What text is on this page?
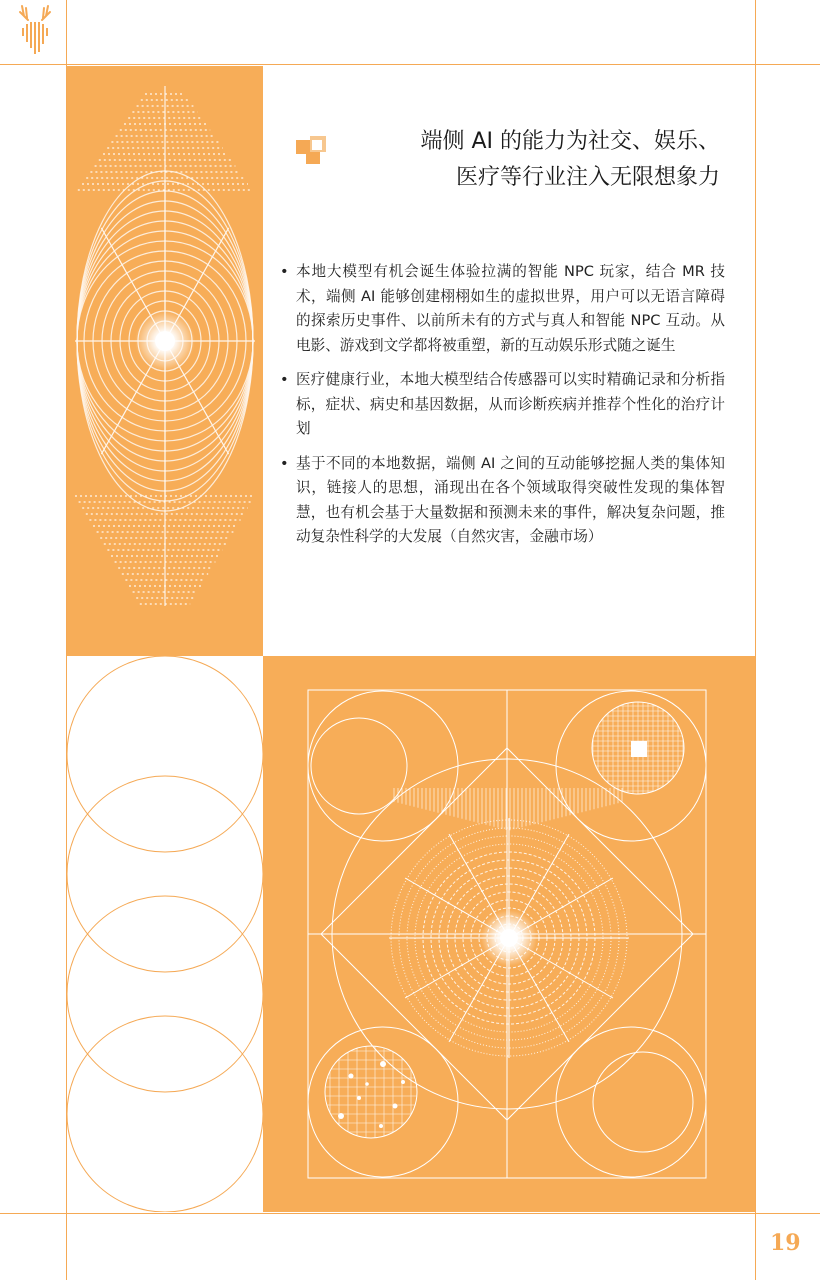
端侧 AI 的能力为社交、娱乐、
医疗等行业注入无限想象力
• 本地大模型有机会诞生体验拉满的智能 NPC 玩家，结合 MR 技术，端侧 AI 能够创建栩栩如生的虚拟世界，用户可以无语言障碍的探索历史事件、以前所未有的方式与真人和智能 NPC 互动。从电影、游戏到文学都将被重塑，新的互动娱乐形式随之诞生
• 医疗健康行业，本地大模型结合传感器可以实时精确记录和分析指标，症状、病史和基因数据，从而诊断疾病并推荐个性化的治疗计划
• 基于不同的本地数据，端侧 AI 之间的互动能够挖掘人类的集体知识，链接人的思想，涌现出在各个领域取得突破性发现的集体智慧，也有机会基于大量数据和预测未来的事件，解决复杂问题，推动复杂性科学的大发展（自然灾害，金融市场）
19
